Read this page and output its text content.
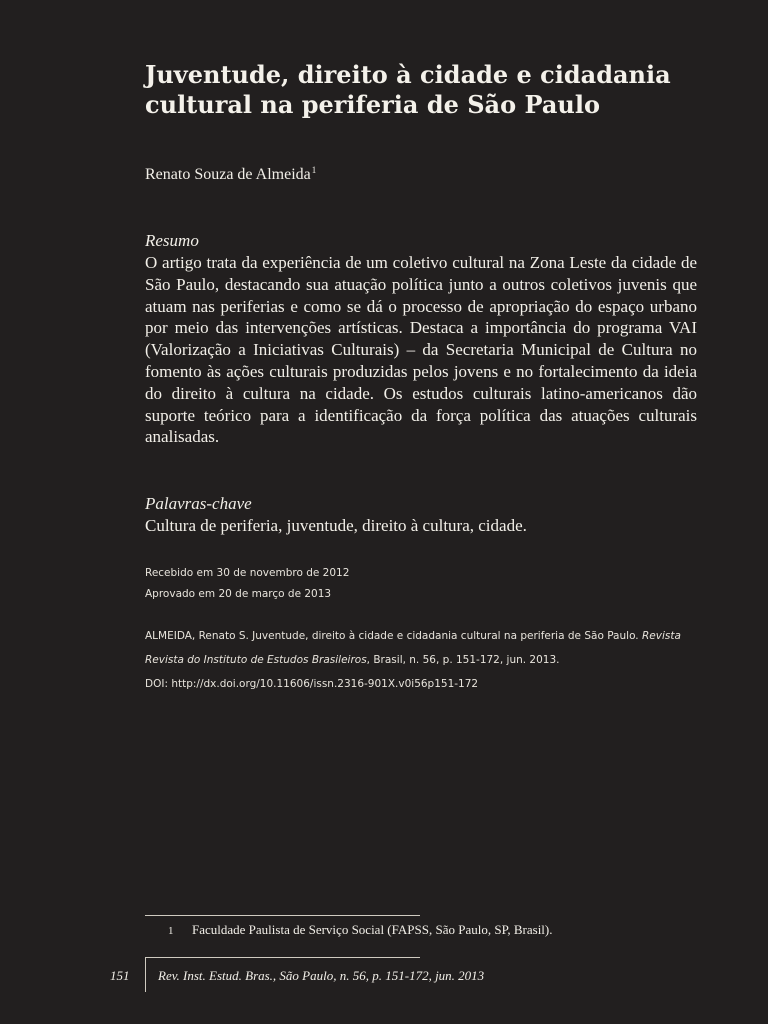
Juventude, direito à cidade e cidadania cultural na periferia de São Paulo
Renato Souza de Almeida$^1$
Resumo

O artigo trata da experiência de um coletivo cultural na Zona Leste da cidade de São Paulo, destacando sua atuação política junto a outros coletivos juvenis que atuam nas periferias e como se dá o processo de apropriação do espaço urbano por meio das intervenções artísticas. Destaca a importância do programa VAI (Valorização a Iniciativas Culturais) – da Secretaria Municipal de Cultura no fomento às ações culturais produzidas pelos jovens e no fortalecimento da ideia do direito à cultura na cidade. Os estudos culturais latino-americanos dão suporte teórico para a identificação da força política das atuações culturais analisadas.

Palavras-chave
Cultura de periferia, juventude, direito à cultura, cidade.
Recebido em 30 de novembro de 2012
Aprovado em 20 de março de 2013
ALMEIDA, Renato S. Juventude, direito à cidade e cidadania cultural na periferia de São Paulo. Revista
Revista do Instituto de Estudos Brasileiros, Brasil, n. 56, p. 151-172, jun. 2013.
DOI: http://dx.doi.org/10.11606/issn.2316-901X.v0i56p151-172
1 Faculdade Paulista de Serviço Social (FAPSS, São Paulo, SP, Brasil).
151 Rev. Inst. Estud. Bras., São Paulo, n. 56, p. 151-172, jun. 2013
